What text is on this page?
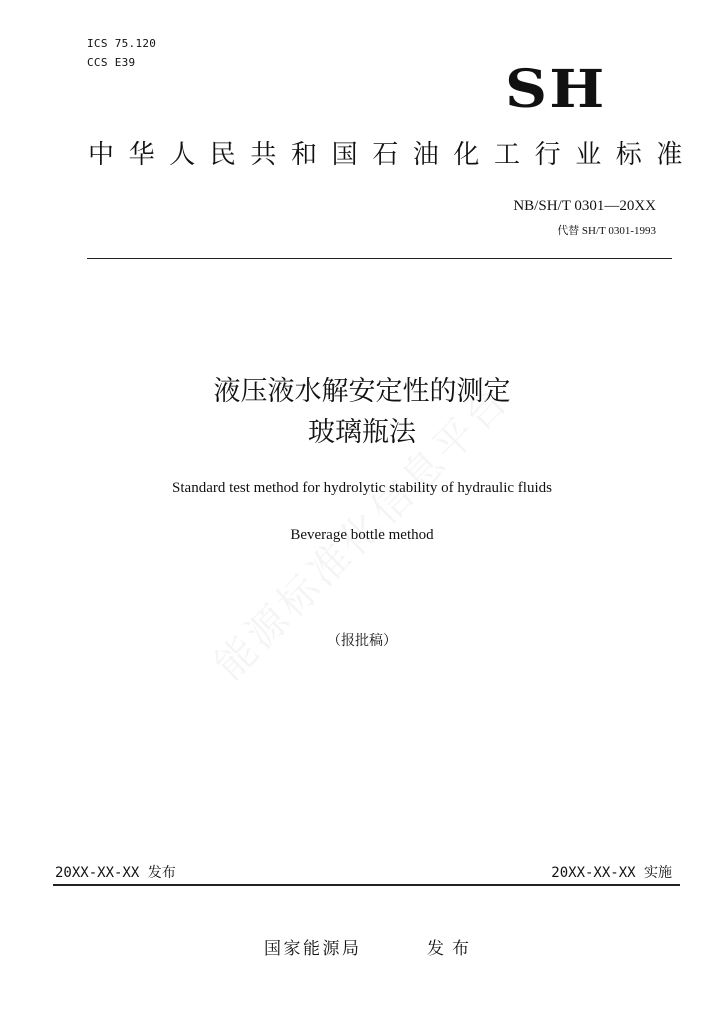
ICS 75.120
CCS E39	SH
中华人民共和国石油化工行业标准
NB/SH/T 0301—20XX
代替 SH/T 0301-1993
液压液水解安定性的测定
玻璃瓶法
Standard test method for hydrolytic stability of hydraulic fluids
Beverage bottle method
（报批稿）
20XX-XX-XX 发布	20XX-XX-XX 实施
国家能源局	发布
